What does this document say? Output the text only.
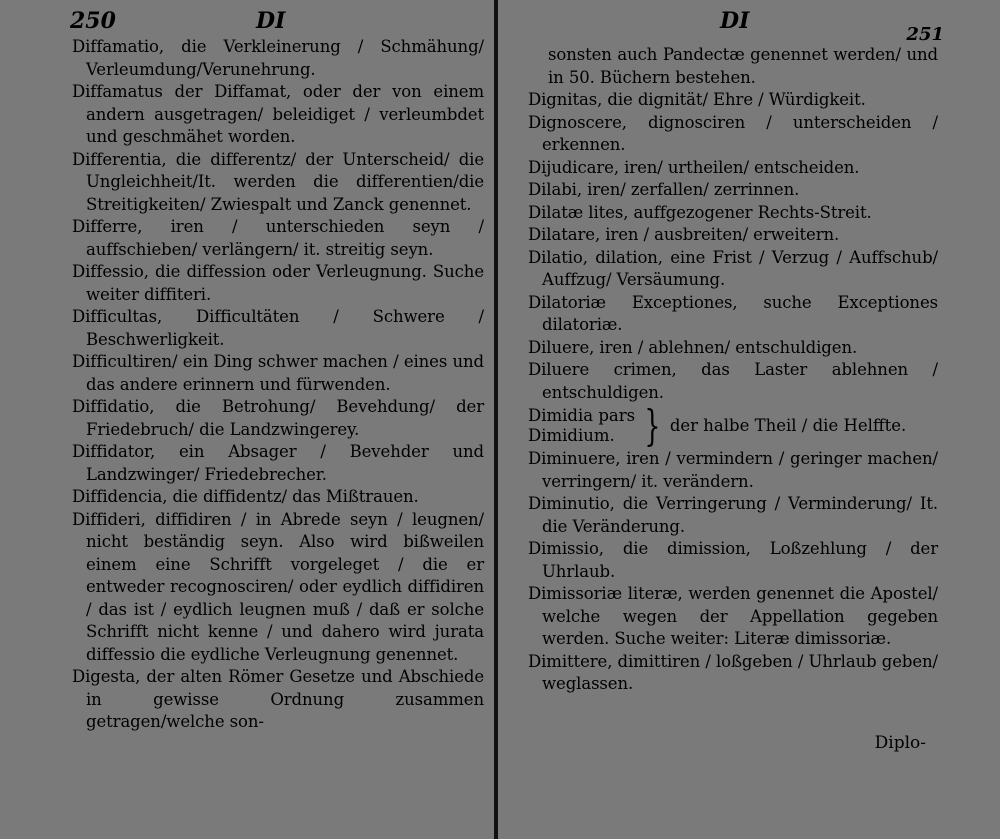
250	DI

Diffamatio, die Verkleinerung / Schmähung/ Verleumdung/Verunehrung.

Diffamatus der Diffamat, oder der von einem andern ausgetragen/ beleidiget / verleumbdet und geschmähet worden.

Differentia, die differentz/ der Unterscheid/ die Ungleichheit/It. werden die differentien/die Streitigkeiten/ Zwiespalt und Zanck genennet.

Differre, iren / unterschieden seyn / auffschieben/ verlängern/ it. streitig seyn.

Diffessio, die diffession oder Verleugnung. Suche weiter diffiteri.

Difficultas, Difficultäten / Schwere / Beschwerligkeit.

Difficultiren/ ein Ding schwer machen / eines und das andere erinnern und fürwenden.

Diffidatio, die Betrohung/ Bevehdung/ der Friedebruch/ die Landzwingerey.

Diffidator, ein Absager / Bevehder und Landzwinger/ Friedebrecher.

Diffidencia, die diffidentz/ das Mißtrauen.

Diffideri, diffidiren / in Abrede seyn / leugnen/ nicht beständig seyn. Also wird bißweilen einem eine Schrifft vorgeleget / die er entweder recognosciren/ oder eydlich diffidiren / das ist / eydlich leugnen muß / daß er solche Schrifft nicht kenne / und dahero wird jurata diffessio die eydliche Verleugnung genennet.

Digesta, der alten Römer Gesetze und Abschiede in gewisse Ordnung zusammen getragen/welche son-

DI
251

sonsten auch Pandectæ genennet werden/ und in 50. Büchern bestehen.

Dignitas, die dignität/ Ehre / Würdigkeit.

Dignoscere, dignosciren / unterscheiden / erkennen.

Dijudicare, iren/ urtheilen/ entscheiden.

Dilabi, iren/ zerfallen/ zerrinnen.

Dilatæ lites, auffgezogener Rechts-Streit.

Dilatare, iren / ausbreiten/ erweitern.

Dilatio, dilation, eine Frist / Verzug / Auffschub/ Auffzug/ Versäumung.

Dilatoriæ Exceptiones, suche Exceptiones dilatoriæ.

Diluere, iren / ablehnen/ entschuldigen.

Diluere crimen, das Laster ablehnen / entschuldigen.

Dimidia pars
Dimidium. } der halbe Theil / die Helffte.

Diminuere, iren / vermindern / geringer machen/ verringern/ it. verändern.

Diminutio, die Verringerung / Verminderung/ It. die Veränderung.

Dimissio, die dimission, Loßzehlung / der Uhrlaub.

Dimissoriæ literæ, werden genennet die Apostel/ welche wegen der Appellation gegeben werden. Suche weiter: Literæ dimissoriæ.

Dimittere, dimittiren / loßgeben / Uhrlaub geben/ weglassen.

Diplo-
